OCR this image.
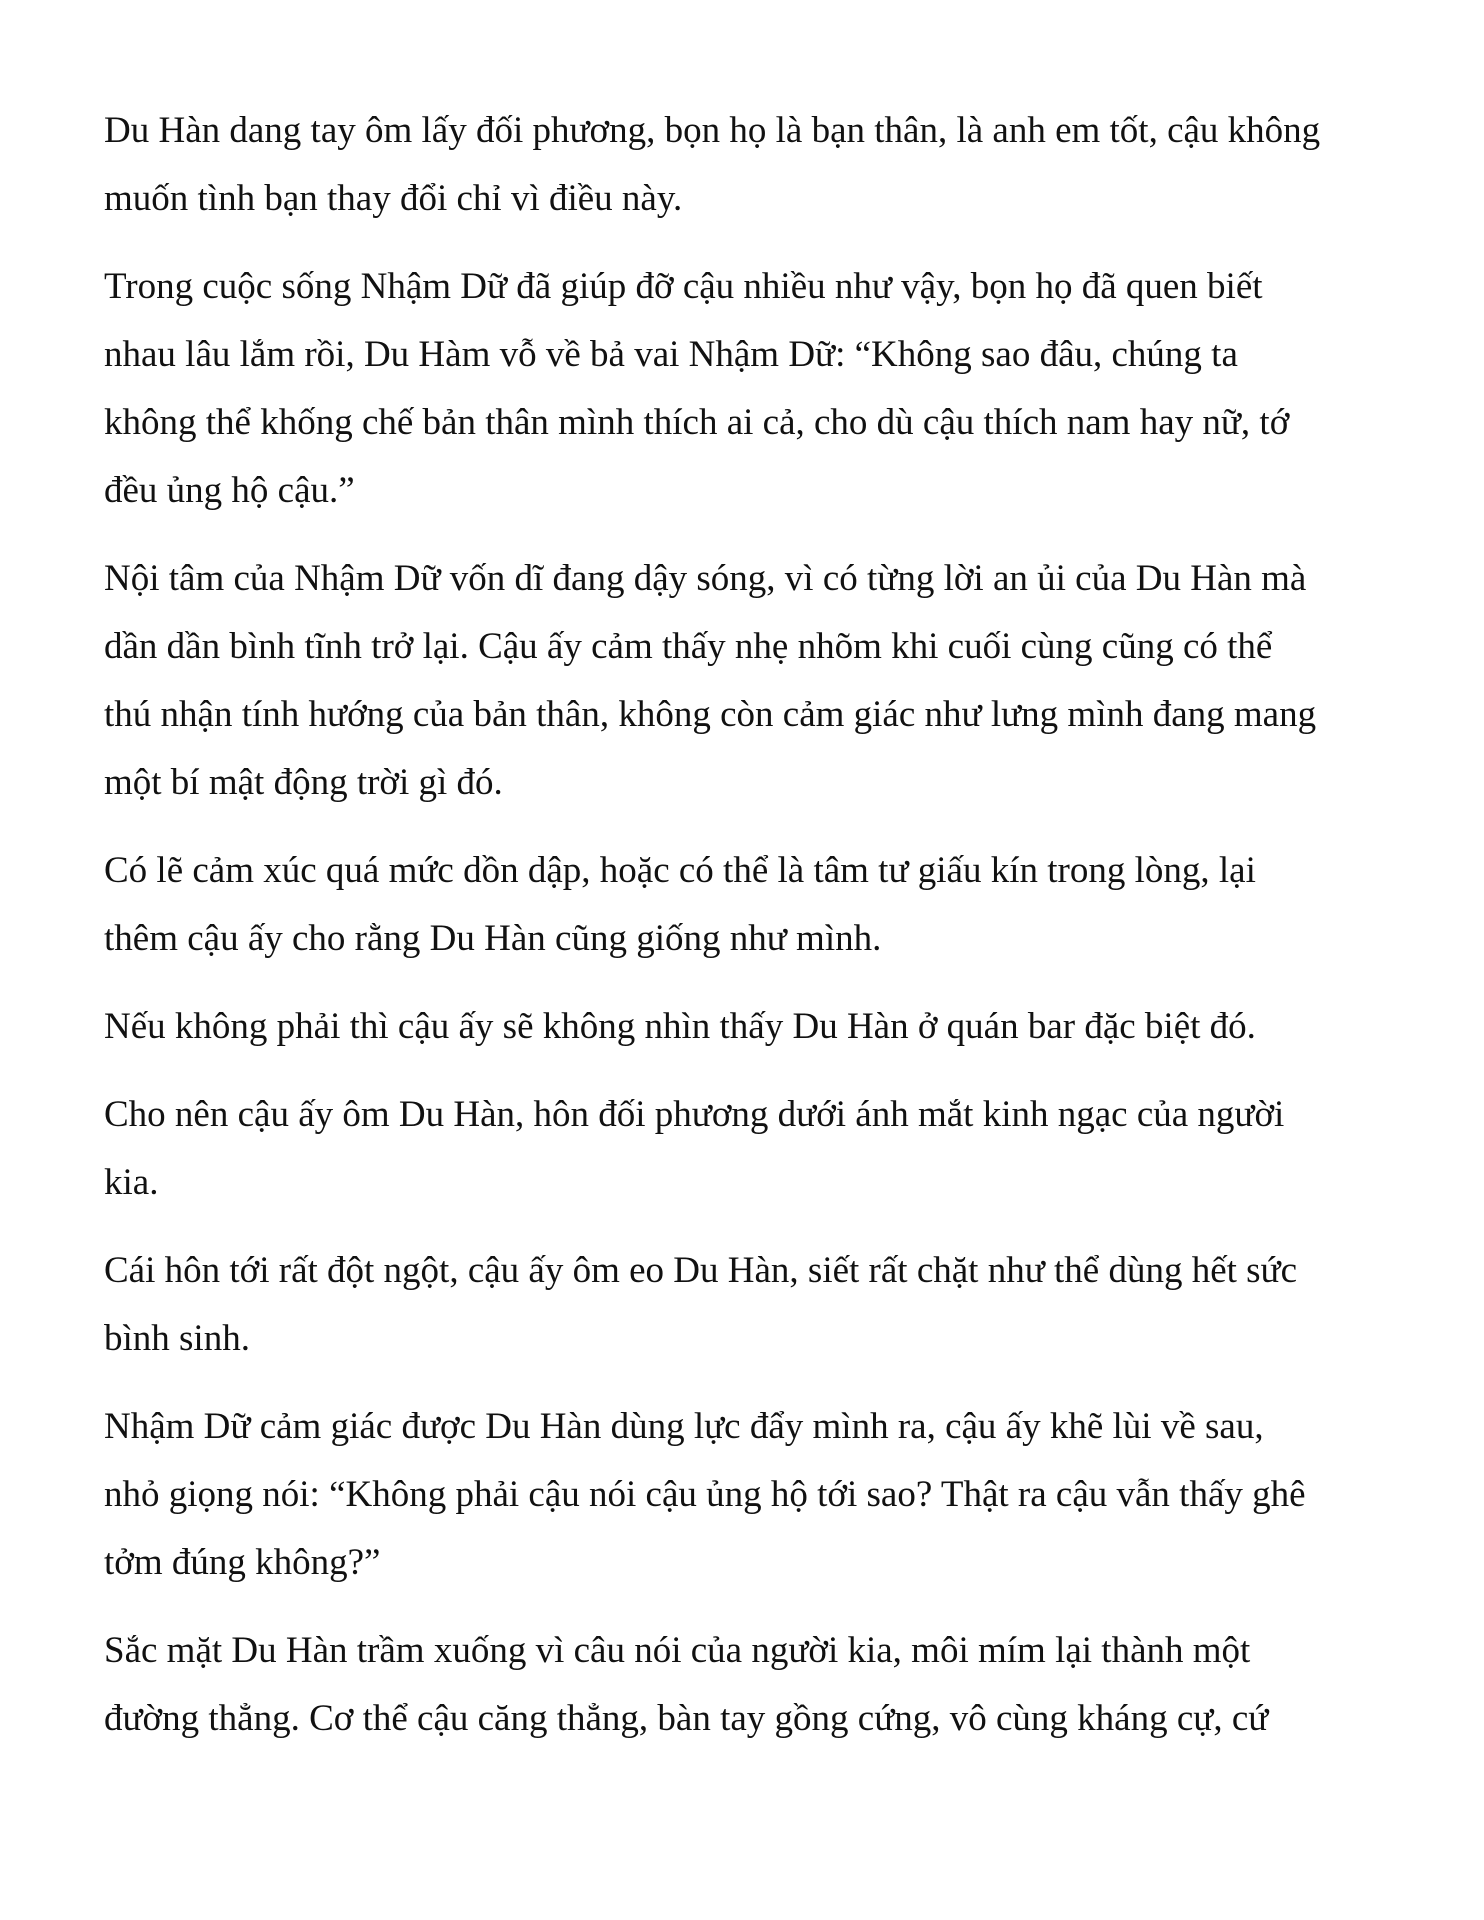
Du Hàn dang tay ôm lấy đối phương, bọn họ là bạn thân, là anh em tốt, cậu không
muốn tình bạn thay đổi chỉ vì điều này.
Trong cuộc sống Nhậm Dữ đã giúp đỡ cậu nhiều như vậy, bọn họ đã quen biết
nhau lâu lắm rồi, Du Hàm vỗ về bả vai Nhậm Dữ: “Không sao đâu, chúng ta
không thể khống chế bản thân mình thích ai cả, cho dù cậu thích nam hay nữ, tớ
đều ủng hộ cậu.”
Nội tâm của Nhậm Dữ vốn dĩ đang dậy sóng, vì có từng lời an ủi của Du Hàn mà
dần dần bình tĩnh trở lại. Cậu ấy cảm thấy nhẹ nhõm khi cuối cùng cũng có thể
thú nhận tính hướng của bản thân, không còn cảm giác như lưng mình đang mang
một bí mật động trời gì đó.
Có lẽ cảm xúc quá mức dồn dập, hoặc có thể là tâm tư giấu kín trong lòng, lại
thêm cậu ấy cho rằng Du Hàn cũng giống như mình.
Nếu không phải thì cậu ấy sẽ không nhìn thấy Du Hàn ở quán bar đặc biệt đó.
Cho nên cậu ấy ôm Du Hàn, hôn đối phương dưới ánh mắt kinh ngạc của người
kia.
Cái hôn tới rất đột ngột, cậu ấy ôm eo Du Hàn, siết rất chặt như thể dùng hết sức
bình sinh.
Nhậm Dữ cảm giác được Du Hàn dùng lực đẩy mình ra, cậu ấy khẽ lùi về sau,
nhỏ giọng nói: “Không phải cậu nói cậu ủng hộ tới sao? Thật ra cậu vẫn thấy ghê
tởm đúng không?”
Sắc mặt Du Hàn trầm xuống vì câu nói của người kia, môi mím lại thành một
đường thẳng. Cơ thể cậu căng thẳng, bàn tay gồng cứng, vô cùng kháng cự, cứ
